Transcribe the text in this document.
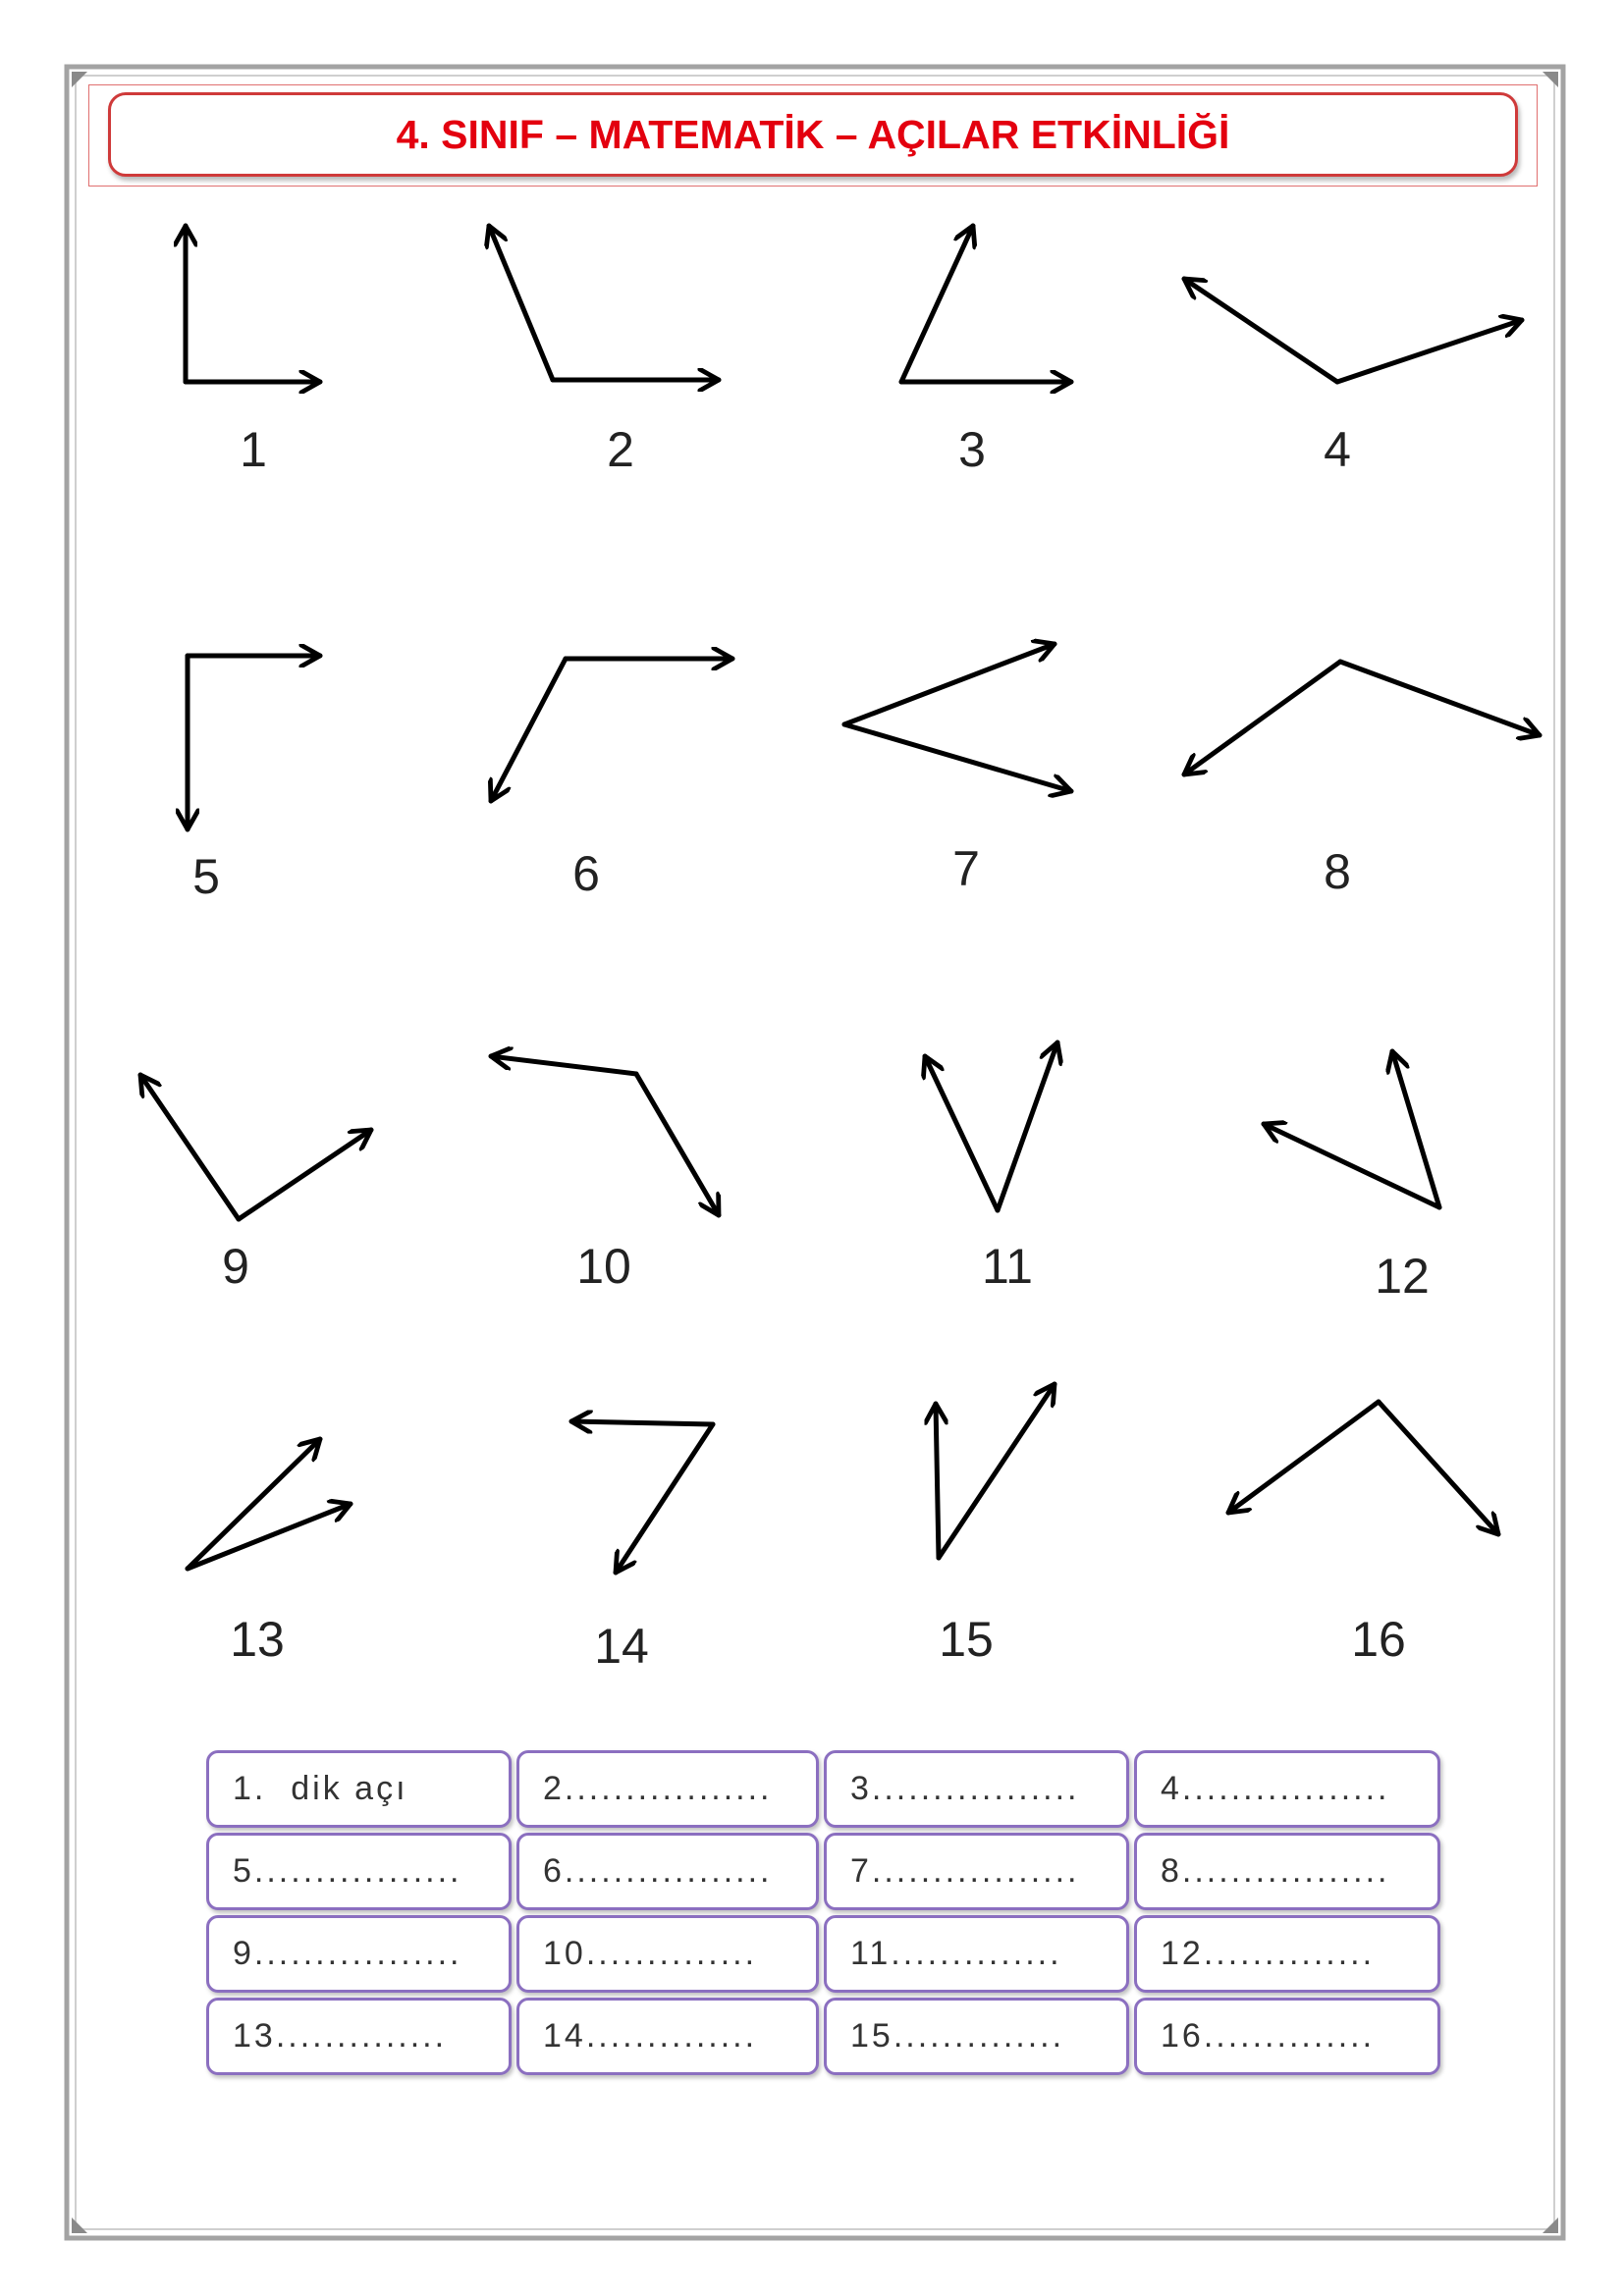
4. SINIF – MATEMATİK – AÇILAR ETKİNLİĞİ
1	2	3	4
5	6	7	8
9	10	11	12
13	14	15	16
1.  dik açı	2................. 3................. 4.................
5................. 6................. 7................. 8.................
9................. 10..............	11..............	12..............
13..............	14..............	15..............	16..............
